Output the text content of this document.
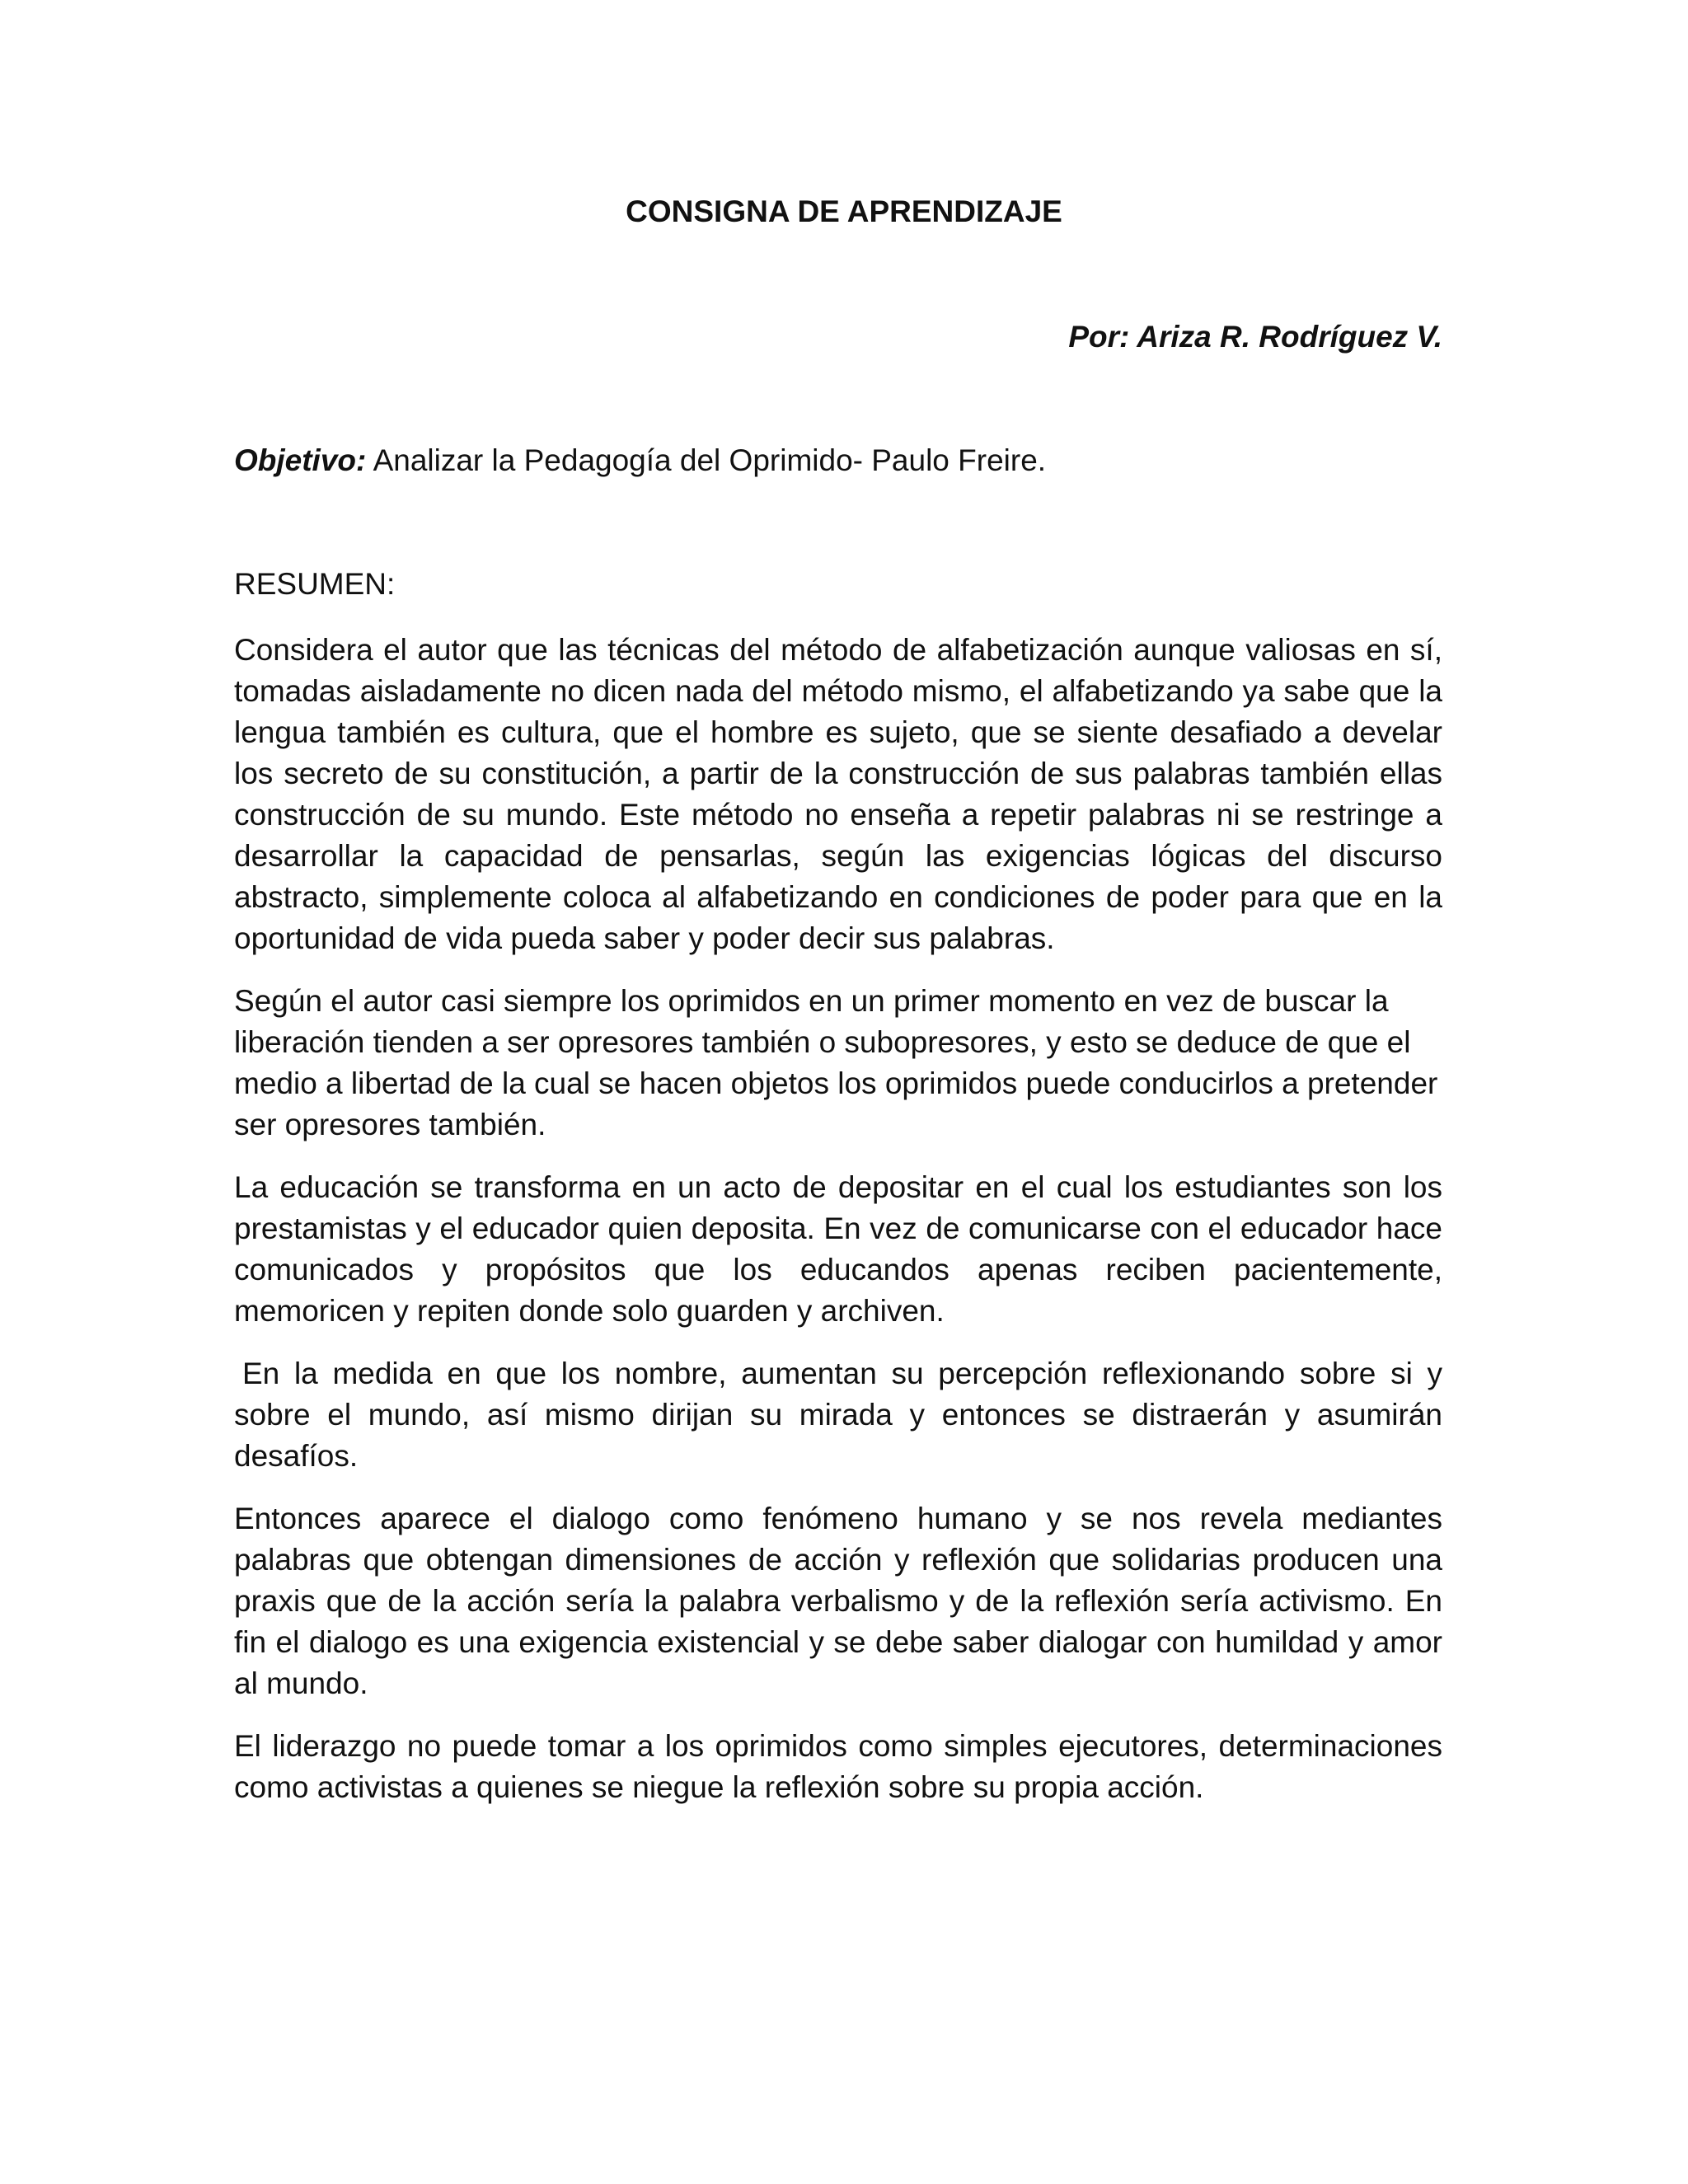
CONSIGNA DE APRENDIZAJE
Por: Ariza R. Rodríguez V.
Objetivo: Analizar la Pedagogía del Oprimido- Paulo Freire.
RESUMEN:

Considera el autor que las técnicas del método de alfabetización aunque valiosas en sí, tomadas aisladamente no dicen nada del método mismo, el alfabetizando ya sabe que la lengua también es cultura, que el hombre es sujeto, que se siente desafiado a develar los secreto de su constitución, a partir de la construcción de sus palabras también ellas construcción de su mundo. Este método no enseña a repetir palabras ni se restringe a desarrollar la capacidad de pensarlas, según las exigencias lógicas del discurso abstracto, simplemente coloca al alfabetizando en condiciones de poder para que en la oportunidad de vida pueda saber y poder decir sus palabras.

Según el autor casi siempre los oprimidos en un primer momento en vez de buscar la liberación tienden a ser opresores también o subopresores, y esto se deduce de que el medio a libertad de la cual se hacen objetos los oprimidos puede conducirlos a pretender ser opresores también.

La educación se transforma en un acto de depositar en el cual los estudiantes son los prestamistas y el educador quien deposita. En vez de comunicarse con el educador hace comunicados y propósitos que los educandos apenas reciben pacientemente, memoricen y repiten donde solo guarden y archiven.

En la medida en que los nombre, aumentan su percepción reflexionando sobre si y sobre el mundo, así mismo dirijan su mirada y entonces se distraerán y asumirán desafíos.

Entonces aparece el dialogo como fenómeno humano y se nos revela mediantes palabras que obtengan dimensiones de acción y reflexión que solidarias producen una praxis que de la acción sería la palabra verbalismo y de la reflexión sería activismo. En fin el dialogo es una exigencia existencial y se debe saber dialogar con humildad y amor al mundo.

El liderazgo no puede tomar a los oprimidos como simples ejecutores, determinaciones como activistas a quienes se niegue la reflexión sobre su propia acción.
